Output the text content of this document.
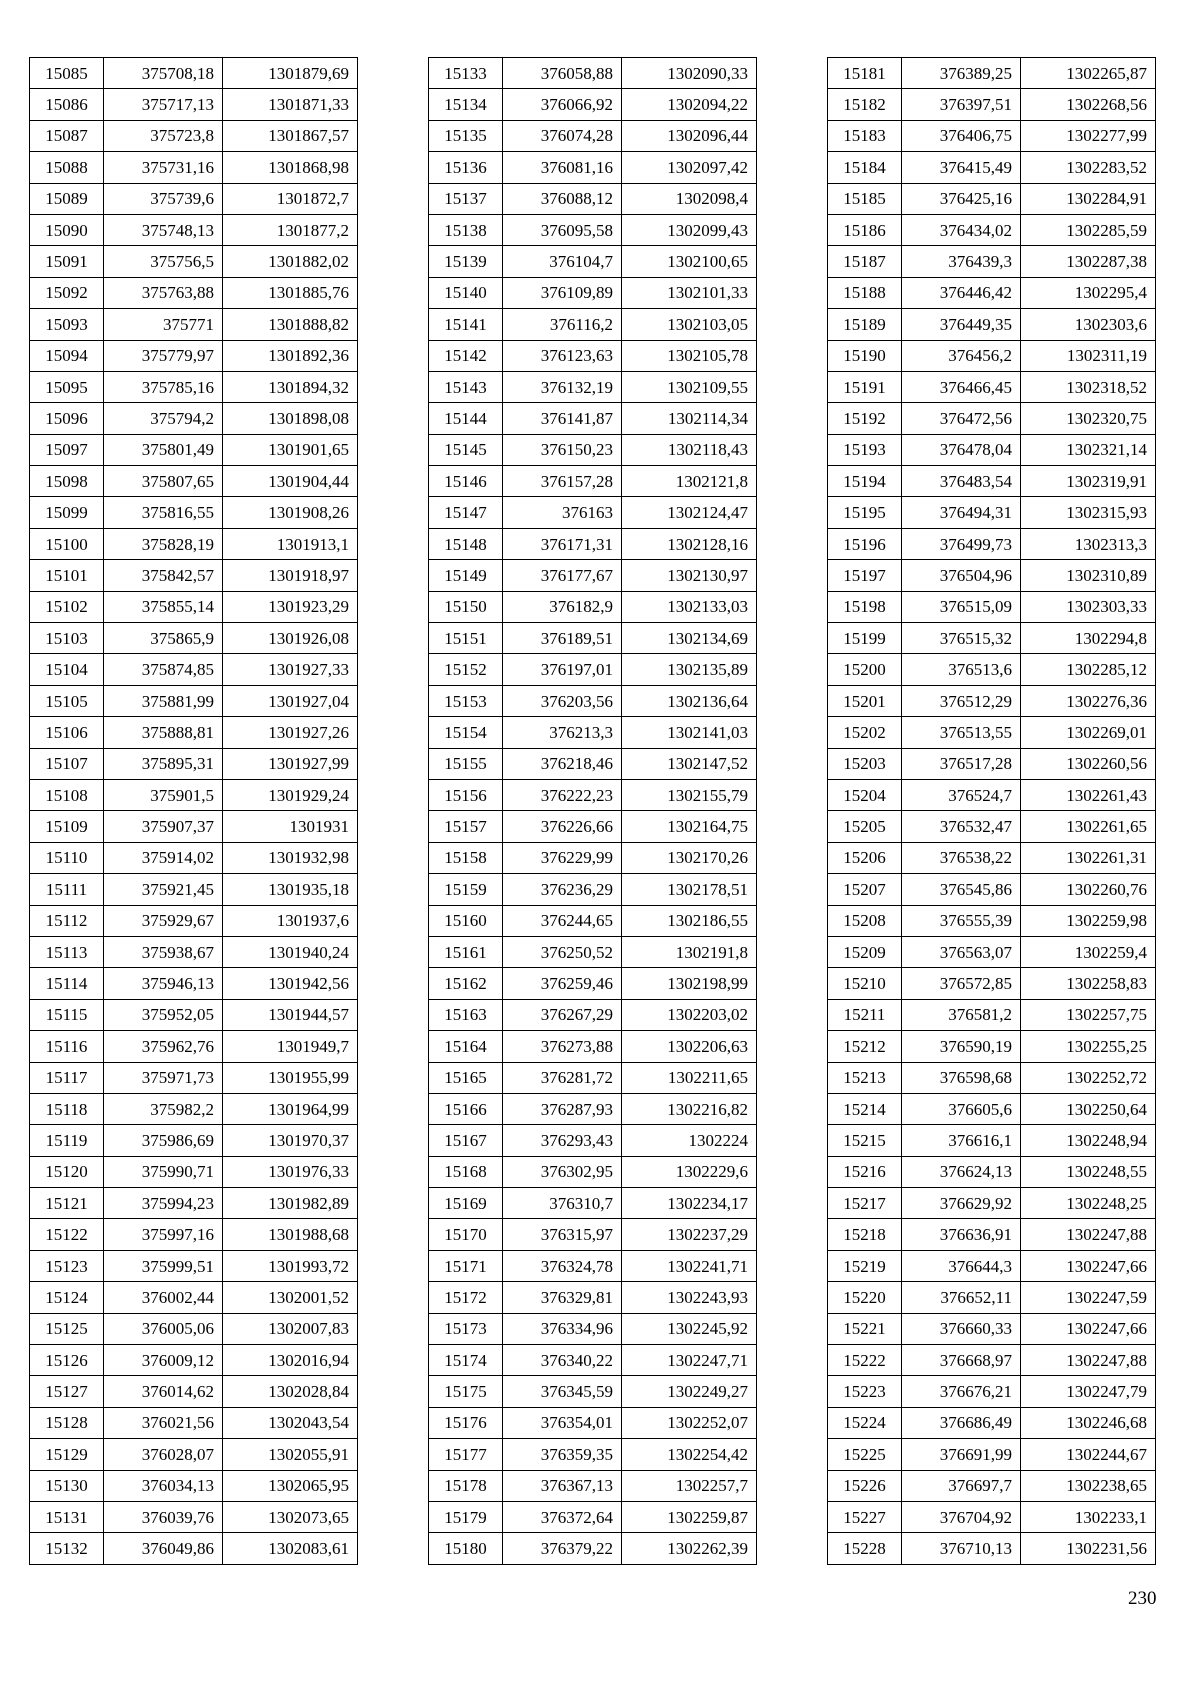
15085	375708,18	1301879,69
15086	375717,13	1301871,33
15087	375723,8	1301867,57
15088	375731,16	1301868,98
15089	375739,6	1301872,7
15090	375748,13	1301877,2
15091	375756,5	1301882,02
15092	375763,88	1301885,76
15093	375771	1301888,82
15094	375779,97	1301892,36
15095	375785,16	1301894,32
15096	375794,2	1301898,08
15097	375801,49	1301901,65
15098	375807,65	1301904,44
15099	375816,55	1301908,26
15100	375828,19	1301913,1
15101	375842,57	1301918,97
15102	375855,14	1301923,29
15103	375865,9	1301926,08
15104	375874,85	1301927,33
15105	375881,99	1301927,04
15106	375888,81	1301927,26
15107	375895,31	1301927,99
15108	375901,5	1301929,24
15109	375907,37	1301931
15110	375914,02	1301932,98
15111	375921,45	1301935,18
15112	375929,67	1301937,6
15113	375938,67	1301940,24
15114	375946,13	1301942,56
15115	375952,05	1301944,57
15116	375962,76	1301949,7
15117	375971,73	1301955,99
15118	375982,2	1301964,99
15119	375986,69	1301970,37
15120	375990,71	1301976,33
15121	375994,23	1301982,89
15122	375997,16	1301988,68
15123	375999,51	1301993,72
15124	376002,44	1302001,52
15125	376005,06	1302007,83
15126	376009,12	1302016,94
15127	376014,62	1302028,84
15128	376021,56	1302043,54
15129	376028,07	1302055,91
15130	376034,13	1302065,95
15131	376039,76	1302073,65
15132	376049,86	1302083,61
15133	376058,88	1302090,33
15134	376066,92	1302094,22
15135	376074,28	1302096,44
15136	376081,16	1302097,42
15137	376088,12	1302098,4
15138	376095,58	1302099,43
15139	376104,7	1302100,65
15140	376109,89	1302101,33
15141	376116,2	1302103,05
15142	376123,63	1302105,78
15143	376132,19	1302109,55
15144	376141,87	1302114,34
15145	376150,23	1302118,43
15146	376157,28	1302121,8
15147	376163	1302124,47
15148	376171,31	1302128,16
15149	376177,67	1302130,97
15150	376182,9	1302133,03
15151	376189,51	1302134,69
15152	376197,01	1302135,89
15153	376203,56	1302136,64
15154	376213,3	1302141,03
15155	376218,46	1302147,52
15156	376222,23	1302155,79
15157	376226,66	1302164,75
15158	376229,99	1302170,26
15159	376236,29	1302178,51
15160	376244,65	1302186,55
15161	376250,52	1302191,8
15162	376259,46	1302198,99
15163	376267,29	1302203,02
15164	376273,88	1302206,63
15165	376281,72	1302211,65
15166	376287,93	1302216,82
15167	376293,43	1302224
15168	376302,95	1302229,6
15169	376310,7	1302234,17
15170	376315,97	1302237,29
15171	376324,78	1302241,71
15172	376329,81	1302243,93
15173	376334,96	1302245,92
15174	376340,22	1302247,71
15175	376345,59	1302249,27
15176	376354,01	1302252,07
15177	376359,35	1302254,42
15178	376367,13	1302257,7
15179	376372,64	1302259,87
15180	376379,22	1302262,39
15181	376389,25	1302265,87
15182	376397,51	1302268,56
15183	376406,75	1302277,99
15184	376415,49	1302283,52
15185	376425,16	1302284,91
15186	376434,02	1302285,59
15187	376439,3	1302287,38
15188	376446,42	1302295,4
15189	376449,35	1302303,6
15190	376456,2	1302311,19
15191	376466,45	1302318,52
15192	376472,56	1302320,75
15193	376478,04	1302321,14
15194	376483,54	1302319,91
15195	376494,31	1302315,93
15196	376499,73	1302313,3
15197	376504,96	1302310,89
15198	376515,09	1302303,33
15199	376515,32	1302294,8
15200	376513,6	1302285,12
15201	376512,29	1302276,36
15202	376513,55	1302269,01
15203	376517,28	1302260,56
15204	376524,7	1302261,43
15205	376532,47	1302261,65
15206	376538,22	1302261,31
15207	376545,86	1302260,76
15208	376555,39	1302259,98
15209	376563,07	1302259,4
15210	376572,85	1302258,83
15211	376581,2	1302257,75
15212	376590,19	1302255,25
15213	376598,68	1302252,72
15214	376605,6	1302250,64
15215	376616,1	1302248,94
15216	376624,13	1302248,55
15217	376629,92	1302248,25
15218	376636,91	1302247,88
15219	376644,3	1302247,66
15220	376652,11	1302247,59
15221	376660,33	1302247,66
15222	376668,97	1302247,88
15223	376676,21	1302247,79
15224	376686,49	1302246,68
15225	376691,99	1302244,67
15226	376697,7	1302238,65
15227	376704,92	1302233,1
15228	376710,13	1302231,56
230
